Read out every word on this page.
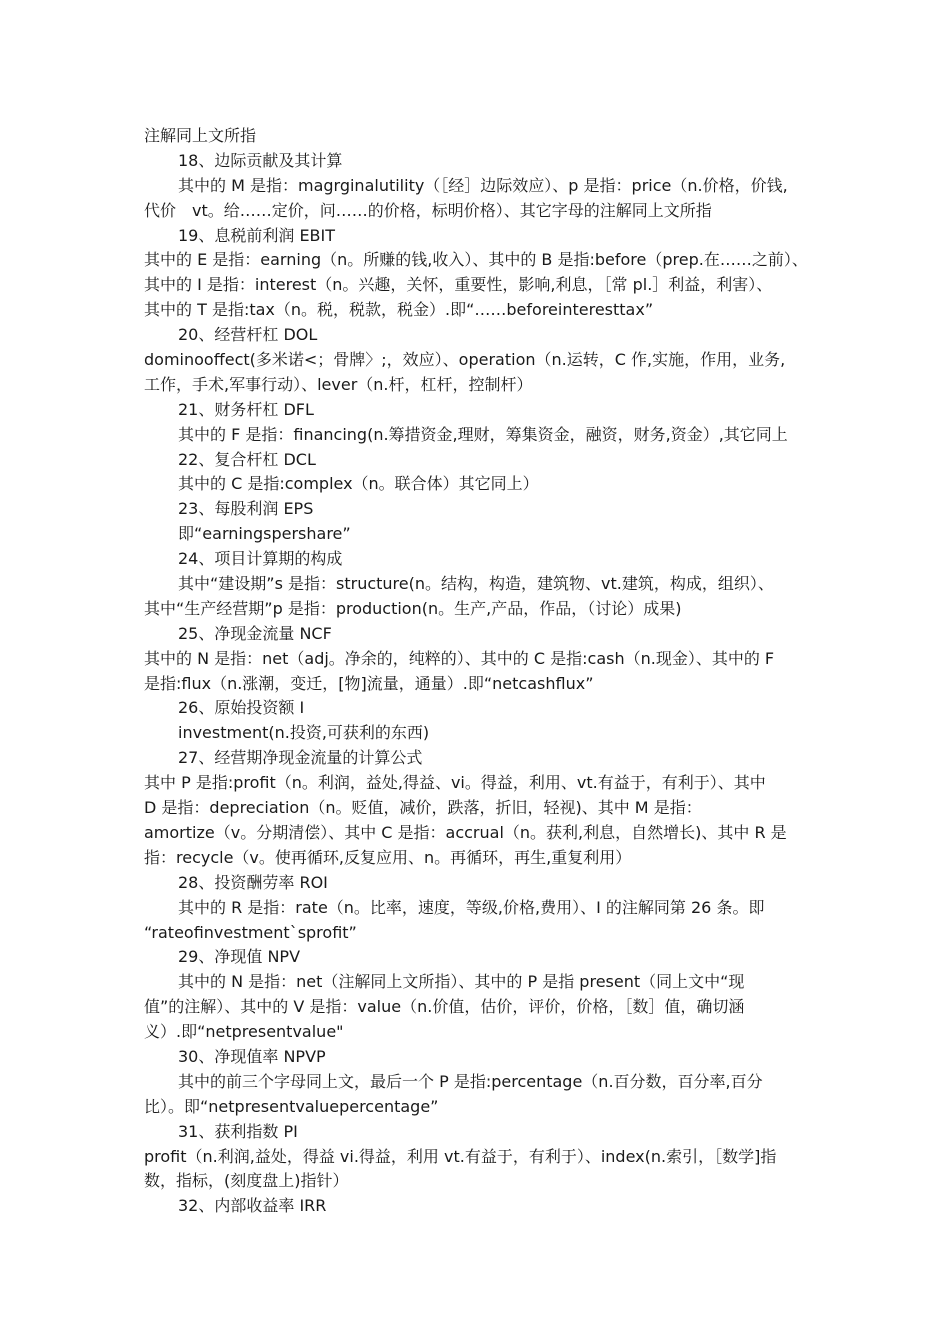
注解同上文所指
18、边际贡献及其计算
其中的 M 是指：magrginalutility（［经］边际效应）、p 是指：price（n.价格，价钱,
代价　vt。给……定价，问……的价格，标明价格）、其它字母的注解同上文所指
19、息税前利润 EBIT
其中的 E 是指：earning（n。所赚的钱,收入）、其中的 B 是指:before（prep.在……之前）、
其中的 I 是指：interest（n。兴趣，关怀，重要性，影响,利息，［常 pl.］利益，利害）、
其中的 T 是指:tax（n。税，税款，税金）.即“……beforeinteresttax”
20、经营杆杠 DOL
dominooffect(多米诺<；骨牌〉;，效应）、operation（n.运转，C 作,实施，作用，业务,
工作，手术,军事行动）、lever（n.杆，杠杆，控制杆）
21、财务杆杠 DFL
其中的 F 是指：financing(n.筹措资金,理财，筹集资金，融资，财务,资金）,其它同上
22、复合杆杠 DCL
其中的 C 是指:complex（n。联合体）其它同上）
23、每股利润 EPS
即“earningspershare”
24、项目计算期的构成
其中“建设期”s 是指：structure(n。结构，构造，建筑物、vt.建筑，构成，组织）、
其中“生产经营期”p 是指：production(n。生产,产品，作品，（讨论）成果)
25、净现金流量 NCF
其中的 N 是指：net（adj。净余的，纯粹的）、其中的 C 是指:cash（n.现金）、其中的 F
是指:flux（n.涨潮，变迁，[物]流量，通量）.即“netcashflux”
26、原始投资额 I
investment(n.投资,可获利的东西)
27、经营期净现金流量的计算公式
其中 P 是指:profit（n。利润，益处,得益、vi。得益，利用、vt.有益于，有利于）、其中
D 是指：depreciation（n。贬值，减价，跌落，折旧，轻视)、其中 M 是指：
amortize（v。分期清偿）、其中 C 是指：accrual（n。获利,利息，自然增长)、其中 R 是
指：recycle（v。使再循环,反复应用、n。再循环，再生,重复利用）
28、投资酬劳率 ROI
其中的 R 是指：rate（n。比率，速度，等级,价格,费用）、I 的注解同第 26 条。即
“rateofinvestment`sprofit”
29、净现值 NPV
其中的 N 是指：net（注解同上文所指）、其中的 P 是指 present（同上文中“现
值”的注解）、其中的 V 是指：value（n.价值，估价，评价，价格，［数］值，确切涵
义）.即“netpresentvalue"
30、净现值率 NPVP
其中的前三个字母同上文，最后一个 P 是指:percentage（n.百分数，百分率,百分
比）。即“netpresentvaluepercentage”
31、获利指数 PI
profit（n.利润,益处，得益 vi.得益，利用 vt.有益于，有利于）、index(n.索引，［数学]指
数，指标，(刻度盘上)指针）
32、内部收益率 IRR
